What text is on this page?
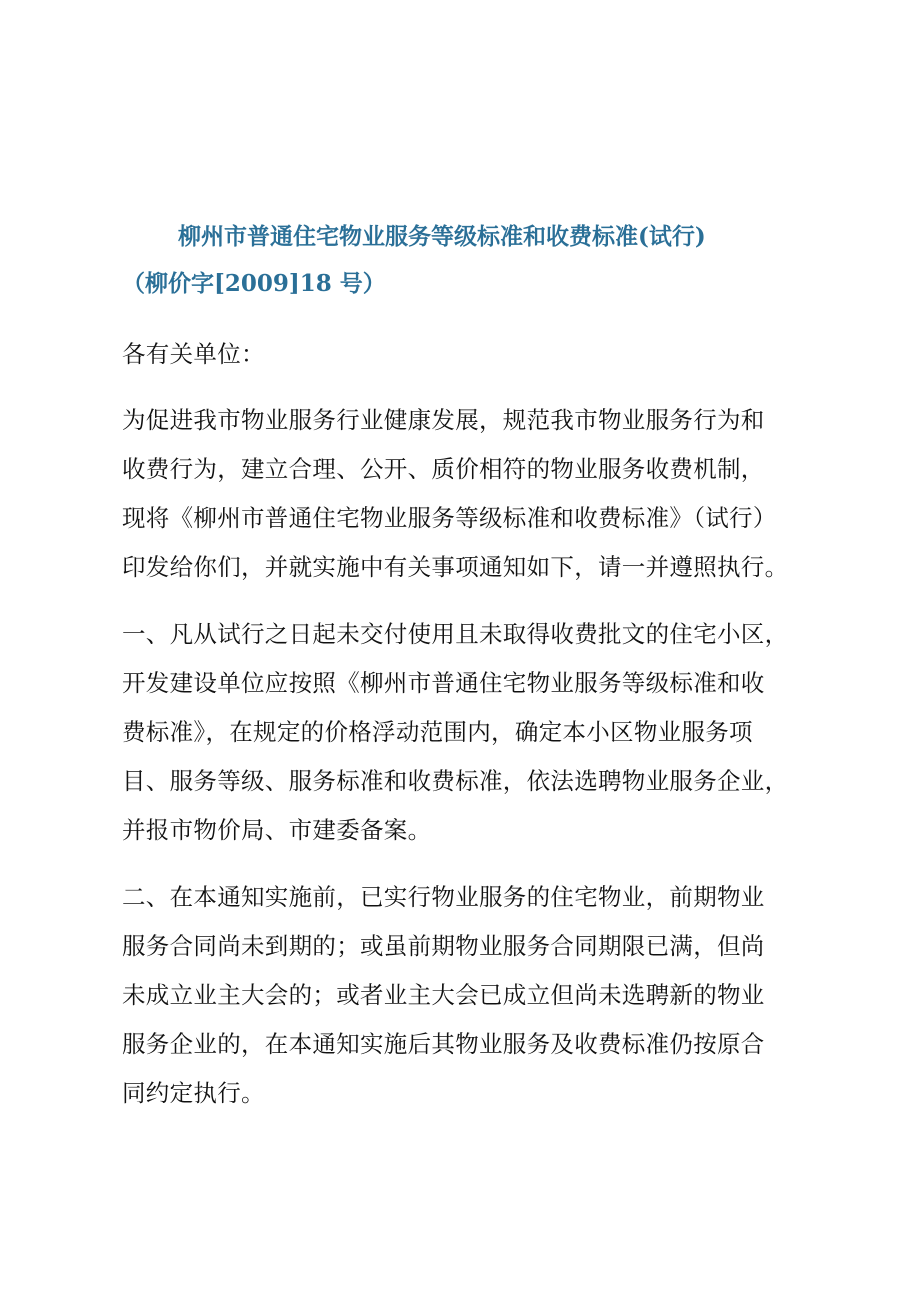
柳州市普通住宅物业服务等级标准和收费标准(试行)
（柳价字[2009]18 号）

各有关单位：

为促进我市物业服务行业健康发展，规范我市物业服务行为和
收费行为，建立合理、公开、质价相符的物业服务收费机制，
现将《柳州市普通住宅物业服务等级标准和收费标准》（试行）
印发给你们，并就实施中有关事项通知如下，请一并遵照执行。

一、凡从试行之日起未交付使用且未取得收费批文的住宅小区，
开发建设单位应按照《柳州市普通住宅物业服务等级标准和收
费标准》，在规定的价格浮动范围内，确定本小区物业服务项
目、服务等级、服务标准和收费标准，依法选聘物业服务企业，
并报市物价局、市建委备案。

二、在本通知实施前，已实行物业服务的住宅物业，前期物业
服务合同尚未到期的；或虽前期物业服务合同期限已满，但尚
未成立业主大会的；或者业主大会已成立但尚未选聘新的物业
服务企业的，在本通知实施后其物业服务及收费标准仍按原合
同约定执行。
